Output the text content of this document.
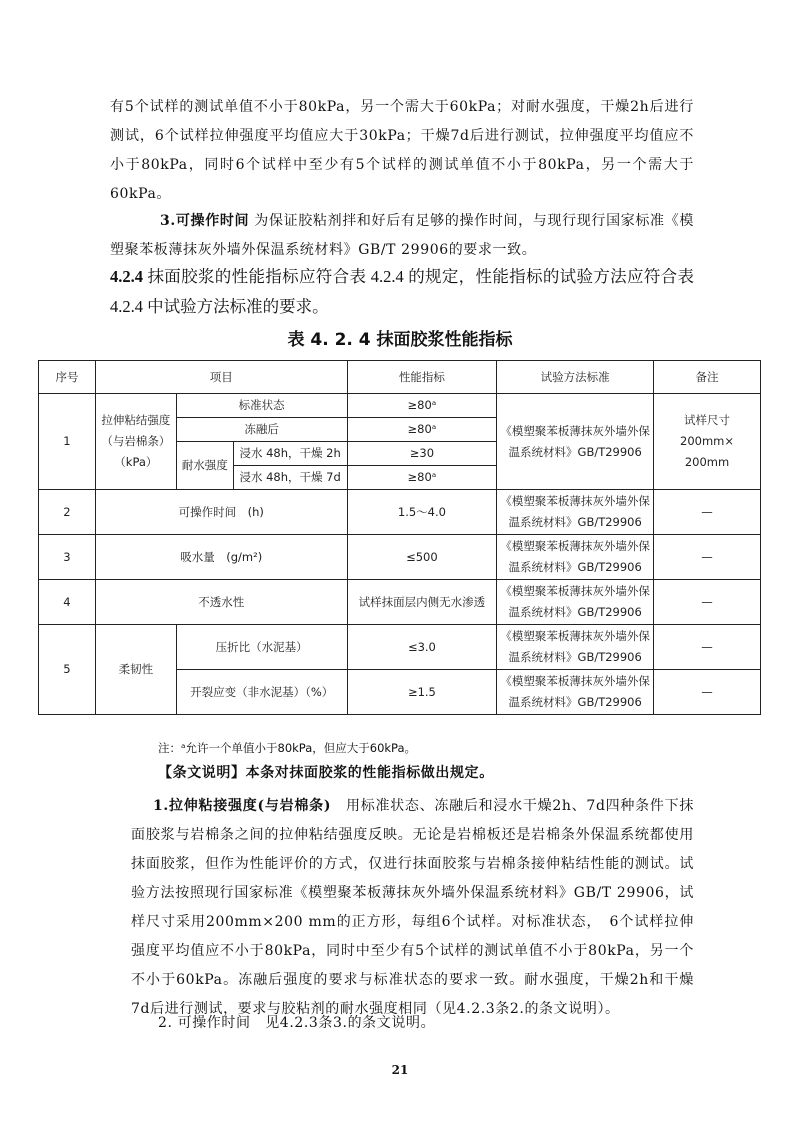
有5个试样的测试单值不小于80kPa，另一个需大于60kPa；对耐水强度，干燥2h后进行测试，6个试样拉伸强度平均值应大于30kPa；干燥7d后进行测试，拉伸强度平均值应不小于80kPa，同时6个试样中至少有5个试样的测试单值不小于80kPa，另一个需大于60kPa。
3.可操作时间 为保证胶粘剂拌和好后有足够的操作时间，与现行现行国家标准《模塑聚苯板薄抹灰外墙外保温系统材料》GB/T 29906的要求一致。
4.2.4 抹面胶浆的性能指标应符合表 4.2.4 的规定，性能指标的试验方法应符合表 4.2.4 中试验方法标准的要求。
表 4. 2. 4 抹面胶浆性能指标
序号	项目			性能指标	试验方法标准	备注
1	拉伸粘结强度（与岩棉条）（kPa）	标准状态		≥80ᵃ	《模塑聚苯板薄抹灰外墙外保温系统材料》GB/T29906	试样尺寸 200mm× 200mm
		冻融后		≥80ᵃ		
		耐水强度	浸水 48h，干燥 2h	≥30		
			浸水 48h，干燥 7d	≥80ᵃ		
2	可操作时间　(h)			1.5～4.0	《模塑聚苯板薄抹灰外墙外保温系统材料》GB/T29906	—
3	吸水量　(g/m²)			≤500	《模塑聚苯板薄抹灰外墙外保温系统材料》GB/T29906	—
4	不透水性			试样抹面层内侧无水渗透	《模塑聚苯板薄抹灰外墙外保温系统材料》GB/T29906	—
5	柔韧性	压折比（水泥基）		≤3.0	《模塑聚苯板薄抹灰外墙外保温系统材料》GB/T29906	—
		开裂应变（非水泥基）（%）		≥1.5	《模塑聚苯板薄抹灰外墙外保温系统材料》GB/T29906	—
注：ᵃ允许一个单值小于80kPa，但应大于60kPa。
【条文说明】本条对抹面胶浆的性能指标做出规定。
1.拉伸粘接强度(与岩棉条)　用标准状态、冻融后和浸水干燥2h、7d四种条件下抹面胶浆与岩棉条之间的拉伸粘结强度反映。无论是岩棉板还是岩棉条外保温系统都使用抹面胶浆，但作为性能评价的方式，仅进行抹面胶浆与岩棉条接伸粘结性能的测试。试验方法按照现行国家标准《模塑聚苯板薄抹灰外墙外保温系统材料》GB/T 29906，试样尺寸采用200mm×200 mm的正方形，每组6个试样。对标准状态，　6个试样拉伸强度平均值应不小于80kPa，同时中至少有5个试样的测试单值不小于80kPa，另一个不小于60kPa。冻融后强度的要求与标准状态的要求一致。耐水强度，干燥2h和干燥7d后进行测试，要求与胶粘剂的耐水强度相同（见4.2.3条2.的条文说明）。
2. 可操作时间　见4.2.3条3.的条文说明。
21
